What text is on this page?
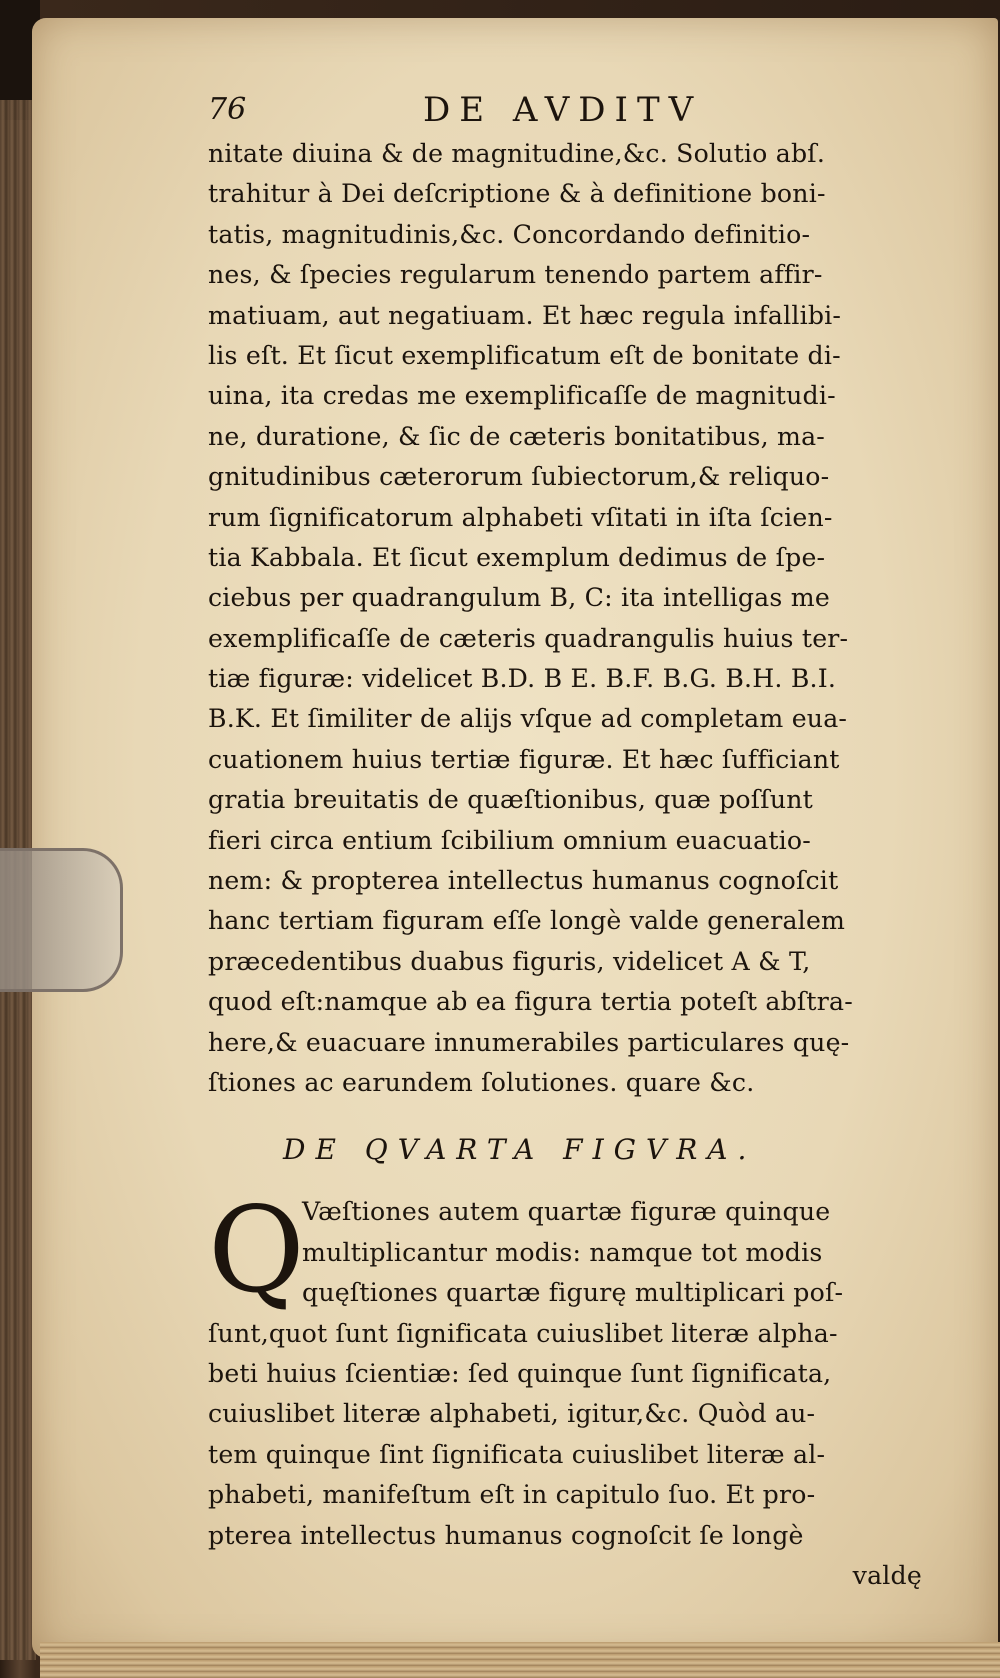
76	DE AVDITV
nitate diuina & de magnitudine,&c. Solutio abſ.
trahitur à Dei deſcriptione & à definitione boni-
tatis, magnitudinis,&c. Concordando definitio-
nes, & ſpecies regularum tenendo partem affir-
matiuam, aut negatiuam. Et hæc regula infallibi-
lis eſt. Et ſicut exemplificatum eſt de bonitate di-
uina, ita credas me exemplificaſſe de magnitudi-
ne, duratione, & ſic de cæteris bonitatibus, ma-
gnitudinibus cæterorum ſubiectorum,& reliquo-
rum ſignificatorum alphabeti vſitati in iſta ſcien-
tia Kabbala. Et ſicut exemplum dedimus de ſpe-
ciebus per quadrangulum B, C: ita intelligas me
exemplificaſſe de cæteris quadrangulis huius ter-
tiæ figuræ: videlicet B.D. B E. B.F. B.G. B.H. B.I.
B.K. Et ſimiliter de alijs vſque ad completam eua-
cuationem huius tertiæ figuræ. Et hæc ſufficiant
gratia breuitatis de quæſtionibus, quæ poſſunt
fieri circa entium ſcibilium omnium euacuatio-
nem: & propterea intellectus humanus cognoſcit
hanc tertiam figuram eſſe longè valde generalem
præcedentibus duabus figuris, videlicet A & T,
quod eſt:namque ab ea figura tertia poteſt abſtra-
here,& euacuare innumerabiles particulares quę-
ſtiones ac earundem ſolutiones. quare &c.
DE QVARTA FIGVRA.
Q
Væſtiones autem quartæ figuræ quinque
multiplicantur modis: namque tot modis
quęſtiones quartæ figurę multiplicari poſ-
ſunt,quot ſunt ſignificata cuiuslibet literæ alpha-
beti huius ſcientiæ: ſed quinque ſunt ſignificata,
cuiuslibet literæ alphabeti, igitur,&c. Quòd au-
tem quinque ſint ſignificata cuiuslibet literæ al-
phabeti, manifeſtum eſt in capitulo ſuo. Et pro-
pterea intellectus humanus cognoſcit ſe longè
valdę
